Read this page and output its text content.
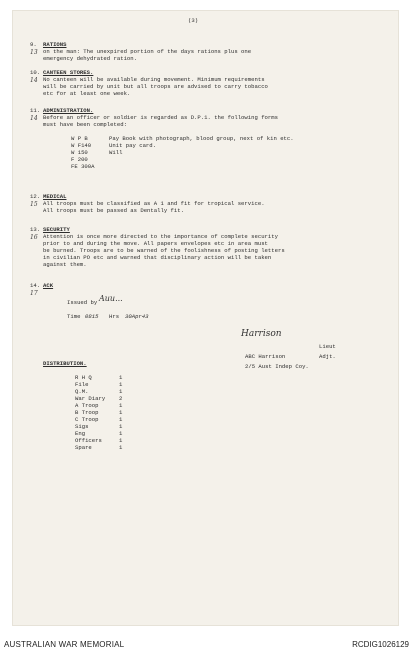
(3)
9. RATIONS
13 on the man: The unexpired portion of the days rations plus one
emergency dehydrated ration.
10. CANTEEN STORES.
14 No canteen will be available during movement. Minimum requirements
will be carried by unit but all troops are advised to carry tobacco
etc for at least one week.
11. ADMINISTRATION.
14 Before an officer or soldier is regarded as D.P.1. the following forms
must have been completed:
W P B	Pay Book with photograph, blood group, next of kin etc.
W F140	Unit pay card.
W 150	Will
F 200
FE 300A
12. MEDICAL
15 All troops must be classified as A 1 and fit for tropical service.
All troops must be passed as Dentally fit.
13. SECURITY
16 Attention is once more directed to the importance of complete security
prior to and during the move. All papers envelopes etc in area must
be burned. Troops are to be warned of the foolishness of posting letters
in civilian PO etc and warned that disciplinary action will be taken
against them.
14. ACK
17
Issued by Auu...
Time 0815 Hrs 30Apr43
Harrison
Lieut
ABC Harrison	Adjt.
2/5 Aust Indep Coy.
DISTRIBUTION.
R H Q	1
File	1
Q.M.	1
War Diary 2
A Troop	1
B Troop	1
C Troop	1
Sigs	1
Eng	1
Officers	1
Spare	1
AUSTRALIAN WAR MEMORIAL	RCDIG1026129
